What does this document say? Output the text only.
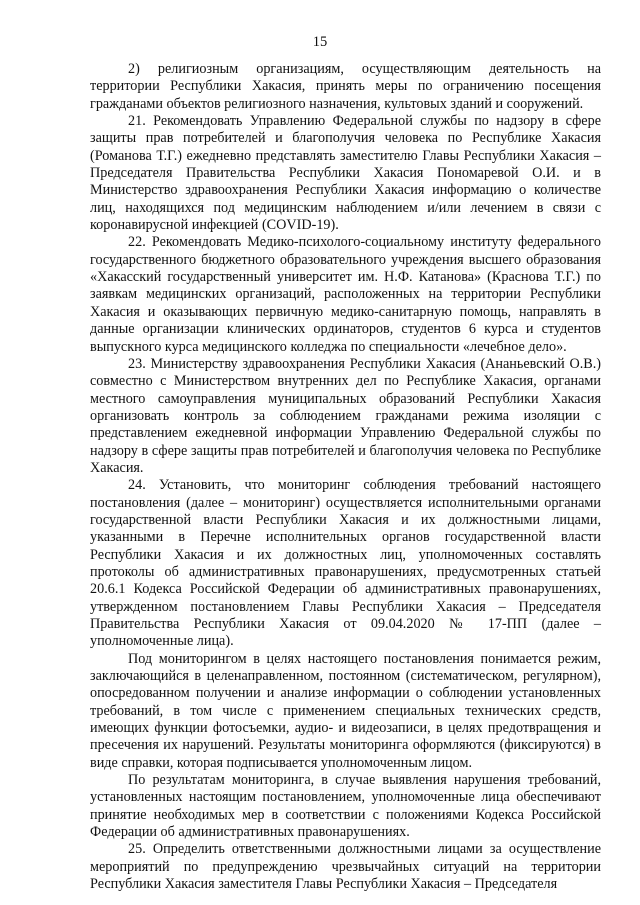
15

2) религиозным организациям, осуществляющим деятельность на территории Республики Хакасия, принять меры по ограничению посещения гражданами объектов религиозного назначения, культовых зданий и сооружений.

21. Рекомендовать Управлению Федеральной службы по надзору в сфере защиты прав потребителей и благополучия человека по Республике Хакасия (Романова Т.Г.) ежедневно представлять заместителю Главы Республики Хакасия – Председателя Правительства Республики Хакасия Пономаревой О.И. и в Министерство здравоохранения Республики Хакасия информацию о количестве лиц, находящихся под медицинским наблюдением и/или лечением в связи с коронавирусной инфекцией (COVID-19).

22. Рекомендовать Медико-психолого-социальному институту федерального государственного бюджетного образовательного учреждения высшего образования «Хакасский государственный университет им. Н.Ф. Катанова» (Краснова Т.Г.) по заявкам медицинских организаций, расположенных на территории Республики Хакасия и оказывающих первичную медико-санитарную помощь, направлять в данные организации клинических ординаторов, студентов 6 курса и студентов выпускного курса медицинского колледжа по специальности «лечебное дело».

23. Министерству здравоохранения Республики Хакасия (Ананьевский О.В.) совместно с Министерством внутренних дел по Республике Хакасия, органами местного самоуправления муниципальных образований Республики Хакасия организовать контроль за соблюдением гражданами режима изоляции с представлением ежедневной информации Управлению Федеральной службы по надзору в сфере защиты прав потребителей и благополучия человека по Республике Хакасия.

24. Установить, что мониторинг соблюдения требований настоящего постановления (далее – мониторинг) осуществляется исполнительными органами государственной власти Республики Хакасия и их должностными лицами, указанными в Перечне исполнительных органов государственной власти Республики Хакасия и их должностных лиц, уполномоченных составлять протоколы об административных правонарушениях, предусмотренных статьей 20.6.1 Кодекса Российской Федерации об административных правонарушениях, утвержденном постановлением Главы Республики Хакасия – Председателя Правительства Республики Хакасия от 09.04.2020 № 17-ПП (далее – уполномоченные лица).

Под мониторингом в целях настоящего постановления понимается режим, заключающийся в целенаправленном, постоянном (систематическом, регулярном), опосредованном получении и анализе информации о соблюдении установленных требований, в том числе с применением специальных технических средств, имеющих функции фотосъемки, аудио- и видеозаписи, в целях предотвращения и пресечения их нарушений. Результаты мониторинга оформляются (фиксируются) в виде справки, которая подписывается уполномоченным лицом.

По результатам мониторинга, в случае выявления нарушения требований, установленных настоящим постановлением, уполномоченные лица обеспечивают принятие необходимых мер в соответствии с положениями Кодекса Российской Федерации об административных правонарушениях.

25. Определить ответственными должностными лицами за осуществление мероприятий по предупреждению чрезвычайных ситуаций на территории Республики Хакасия заместителя Главы Республики Хакасия – Председателя
